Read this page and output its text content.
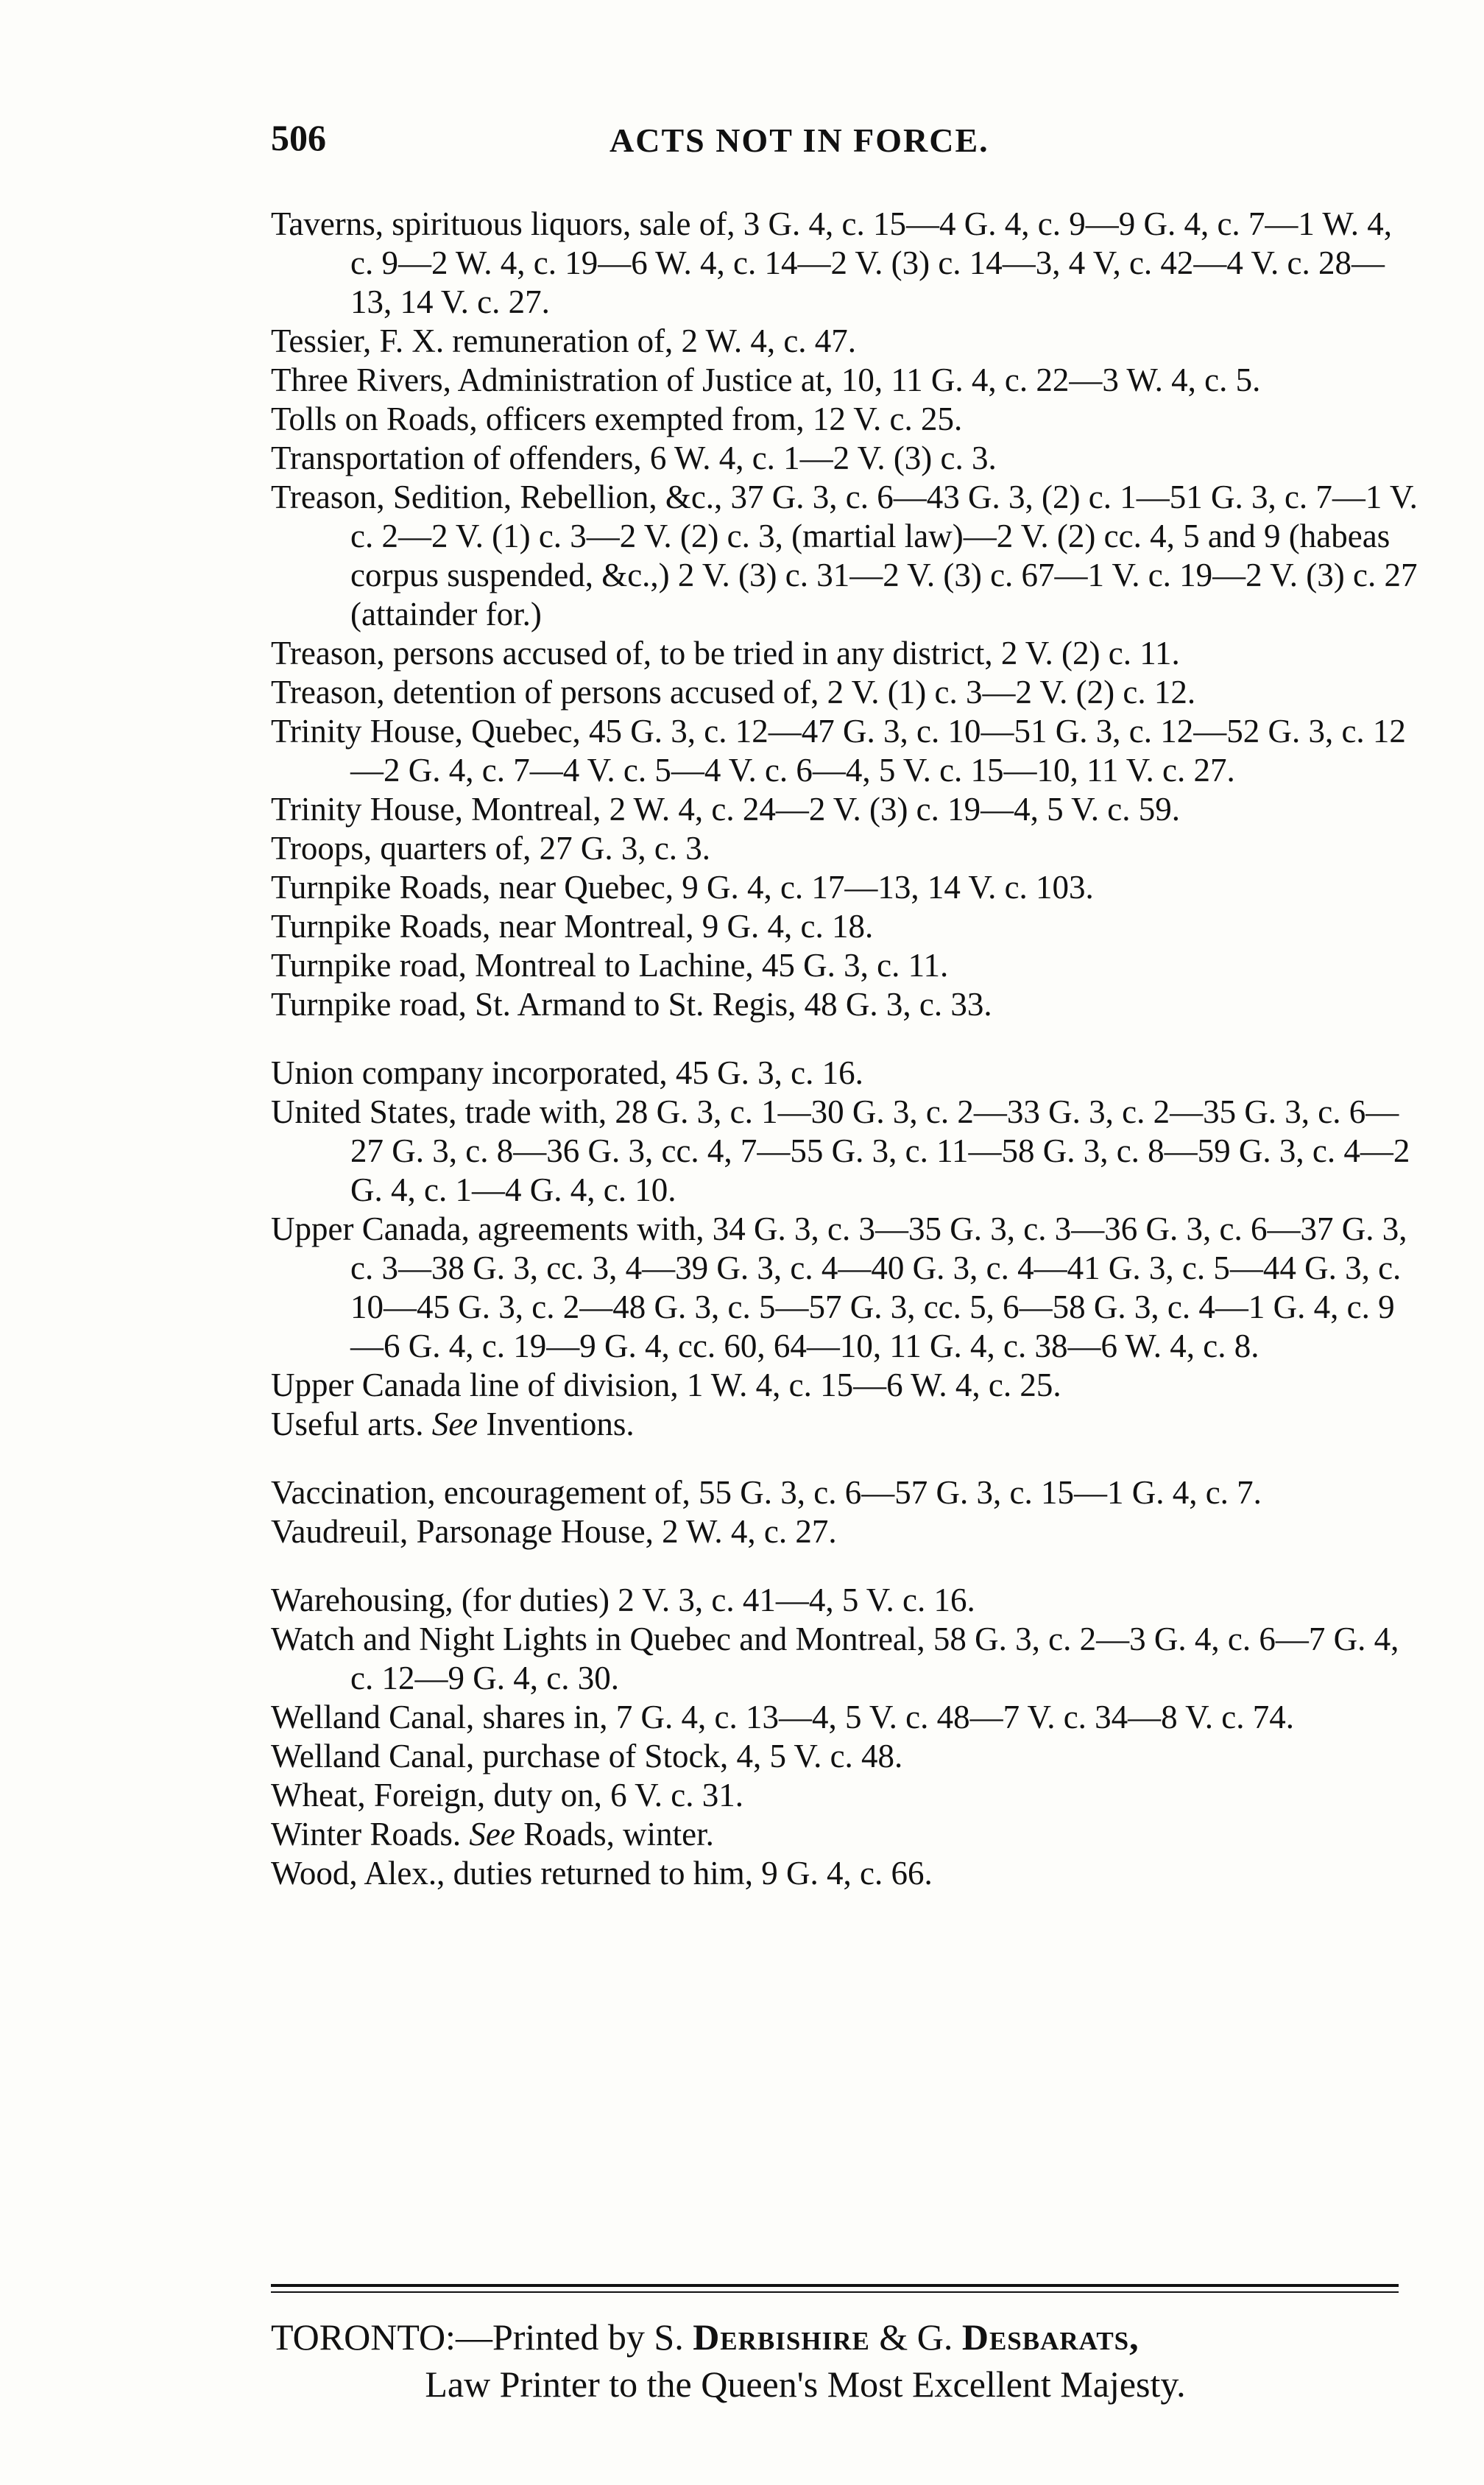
506	ACTS NOT IN FORCE.

Taverns, spirituous liquors, sale of, 3 G. 4, c. 15—4 G. 4, c. 9—9 G. 4, c. 7—1 W. 4, c. 9—2 W. 4, c. 19—6 W. 4, c. 14—2 V. (3) c. 14—3, 4 V, c. 42—4 V. c. 28—13, 14 V. c. 27.

Tessier, F. X. remuneration of, 2 W. 4, c. 47.

Three Rivers, Administration of Justice at, 10, 11 G. 4, c. 22—3 W. 4, c. 5.

Tolls on Roads, officers exempted from, 12 V. c. 25.

Transportation of offenders, 6 W. 4, c. 1—2 V. (3) c. 3.

Treason, Sedition, Rebellion, &c., 37 G. 3, c. 6—43 G. 3, (2) c. 1—51 G. 3, c. 7—1 V. c. 2—2 V. (1) c. 3—2 V. (2) c. 3, (martial law)—2 V. (2) cc. 4, 5 and 9 (habeas corpus suspended, &c.,) 2 V. (3) c. 31—2 V. (3) c. 67—1 V. c. 19—2 V. (3) c. 27 (attainder for.)

Treason, persons accused of, to be tried in any district, 2 V. (2) c. 11.

Treason, detention of persons accused of, 2 V. (1) c. 3—2 V. (2) c. 12.

Trinity House, Quebec, 45 G. 3, c. 12—47 G. 3, c. 10—51 G. 3, c. 12—52 G. 3, c. 12—2 G. 4, c. 7—4 V. c. 5—4 V. c. 6—4, 5 V. c. 15—10, 11 V. c. 27.

Trinity House, Montreal, 2 W. 4, c. 24—2 V. (3) c. 19—4, 5 V. c. 59.

Troops, quarters of, 27 G. 3, c. 3.

Turnpike Roads, near Quebec, 9 G. 4, c. 17—13, 14 V. c. 103.

Turnpike Roads, near Montreal, 9 G. 4, c. 18.

Turnpike road, Montreal to Lachine, 45 G. 3, c. 11.

Turnpike road, St. Armand to St. Regis, 48 G. 3, c. 33.

Union company incorporated, 45 G. 3, c. 16.

United States, trade with, 28 G. 3, c. 1—30 G. 3, c. 2—33 G. 3, c. 2—35 G. 3, c. 6—27 G. 3, c. 8—36 G. 3, cc. 4, 7—55 G. 3, c. 11—58 G. 3, c. 8—59 G. 3, c. 4—2 G. 4, c. 1—4 G. 4, c. 10.

Upper Canada, agreements with, 34 G. 3, c. 3—35 G. 3, c. 3—36 G. 3, c. 6—37 G. 3, c. 3—38 G. 3, cc. 3, 4—39 G. 3, c. 4—40 G. 3, c. 4—41 G. 3, c. 5—44 G. 3, c. 10—45 G. 3, c. 2—48 G. 3, c. 5—57 G. 3, cc. 5, 6—58 G. 3, c. 4—1 G. 4, c. 9—6 G. 4, c. 19—9 G. 4, cc. 60, 64—10, 11 G. 4, c. 38—6 W. 4, c. 8.

Upper Canada line of division, 1 W. 4, c. 15—6 W. 4, c. 25.

Useful arts. See Inventions.

Vaccination, encouragement of, 55 G. 3, c. 6—57 G. 3, c. 15—1 G. 4, c. 7.

Vaudreuil, Parsonage House, 2 W. 4, c. 27.

Warehousing, (for duties) 2 V. 3, c. 41—4, 5 V. c. 16.

Watch and Night Lights in Quebec and Montreal, 58 G. 3, c. 2—3 G. 4, c. 6—7 G. 4, c. 12—9 G. 4, c. 30.

Welland Canal, shares in, 7 G. 4, c. 13—4, 5 V. c. 48—7 V. c. 34—8 V. c. 74.

Welland Canal, purchase of Stock, 4, 5 V. c. 48.

Wheat, Foreign, duty on, 6 V. c. 31.

Winter Roads. See Roads, winter.

Wood, Alex., duties returned to him, 9 G. 4, c. 66.

TORONTO:—Printed by S. Derbishire & G. Desbarats,
Law Printer to the Queen's Most Excellent Majesty.
